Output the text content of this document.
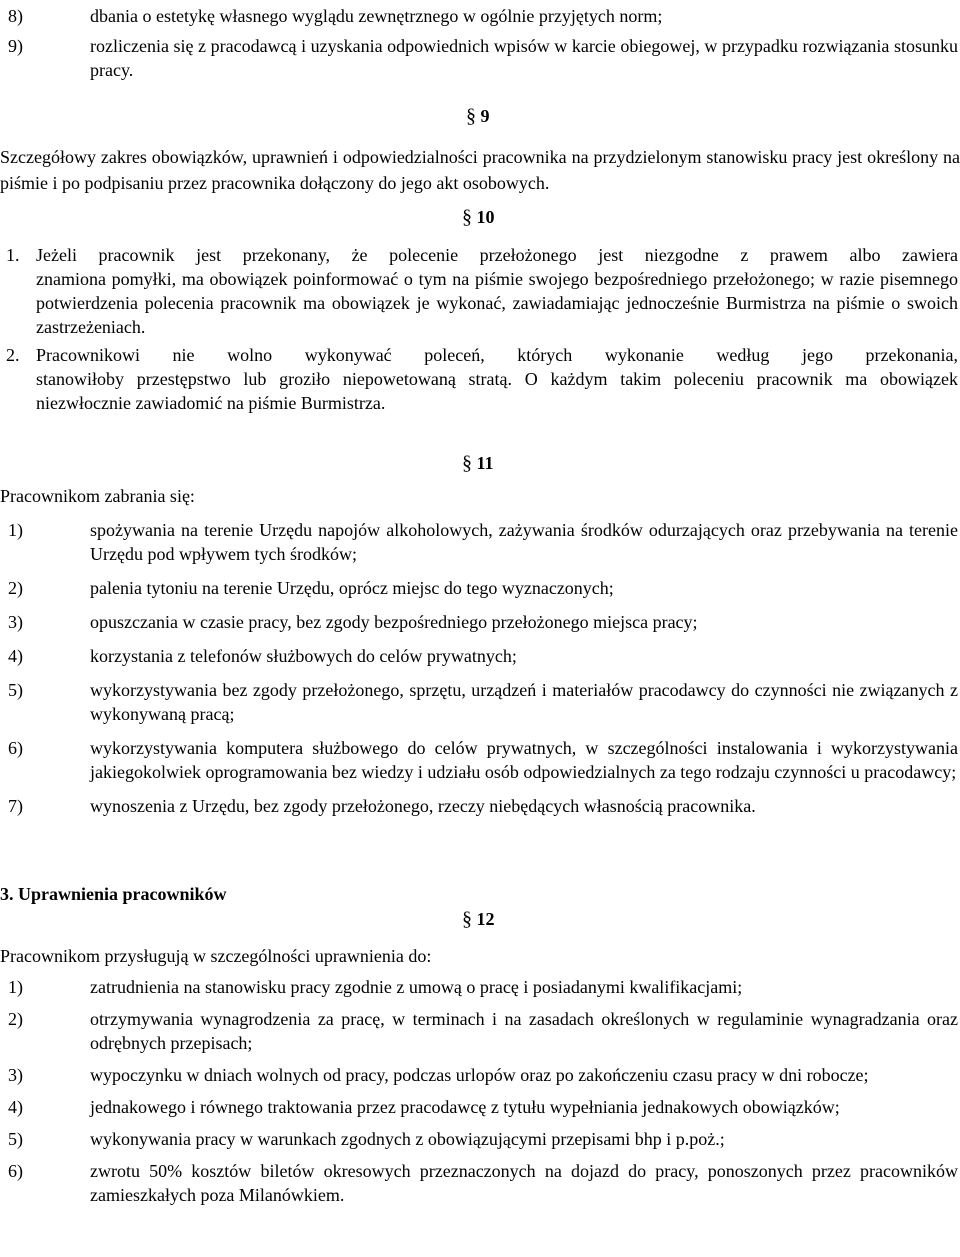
8)	dbania o estetykę własnego wyglądu zewnętrznego w ogólnie przyjętych norm;

9)	rozliczenia się z pracodawcą i uzyskania odpowiednich wpisów w karcie obiegowej, w przypadku rozwiązania stosunku pracy.

§ 9

Szczegółowy zakres obowiązków, uprawnień i odpowiedzialności pracownika na przydzielonym stanowisku pracy jest określony na piśmie i po podpisaniu przez pracownika dołączony do jego akt osobowych.

§ 10
1. Jeżeli pracownik jest przekonany, że polecenie przełożonego jest niezgodne z prawem albo zawiera

znamiona pomyłki, ma obowiązek poinformować o tym na piśmie swojego bezpośredniego przełożonego; w razie pisemnego potwierdzenia polecenia pracownik ma obowiązek je wykonać, zawiadamiając jednocześnie Burmistrza na piśmie o swoich zastrzeżeniach.

2. Pracownikowi nie wolno wykonywać poleceń, których wykonanie według jego przekonania,

stanowiłoby przestępstwo lub groziło niepowetowaną stratą. O każdym takim poleceniu pracownik ma obowiązek niezwłocznie zawiadomić na piśmie Burmistrza.

§ 11

Pracownikom zabrania się:

1)	spożywania na terenie Urzędu napojów alkoholowych, zażywania środków odurzających oraz przebywania na terenie Urzędu pod wpływem tych środków;

2)	palenia tytoniu na terenie Urzędu, oprócz miejsc do tego wyznaczonych;

3)	opuszczania w czasie pracy, bez zgody bezpośredniego przełożonego miejsca pracy;

4)	korzystania z telefonów służbowych do celów prywatnych;

5)	wykorzystywania bez zgody przełożonego, sprzętu, urządzeń i materiałów pracodawcy do czynności nie związanych z wykonywaną pracą;

6)	wykorzystywania komputera służbowego do celów prywatnych, w szczególności instalowania i wykorzystywania jakiegokolwiek oprogramowania bez wiedzy i udziału osób odpowiedzialnych za tego rodzaju czynności u pracodawcy;

7)	wynoszenia z Urzędu, bez zgody przełożonego, rzeczy niebędących własnością pracownika.

3. Uprawnienia pracowników

§ 12

Pracownikom przysługują w szczególności uprawnienia do:

1)	zatrudnienia na stanowisku pracy zgodnie z umową o pracę i posiadanymi kwalifikacjami;

2)	otrzymywania wynagrodzenia za pracę, w terminach i na zasadach określonych w regulaminie wynagradzania oraz odrębnych przepisach;

3)	wypoczynku w dniach wolnych od pracy, podczas urlopów oraz po zakończeniu czasu pracy w dni robocze;

4)	jednakowego i równego traktowania przez pracodawcę z tytułu wypełniania jednakowych obowiązków;

5)	wykonywania pracy w warunkach zgodnych z obowiązującymi przepisami bhp i p.poż.;

6)	zwrotu 50% kosztów biletów okresowych przeznaczonych na dojazd do pracy, ponoszonych przez pracowników zamieszkałych poza Milanówkiem.
